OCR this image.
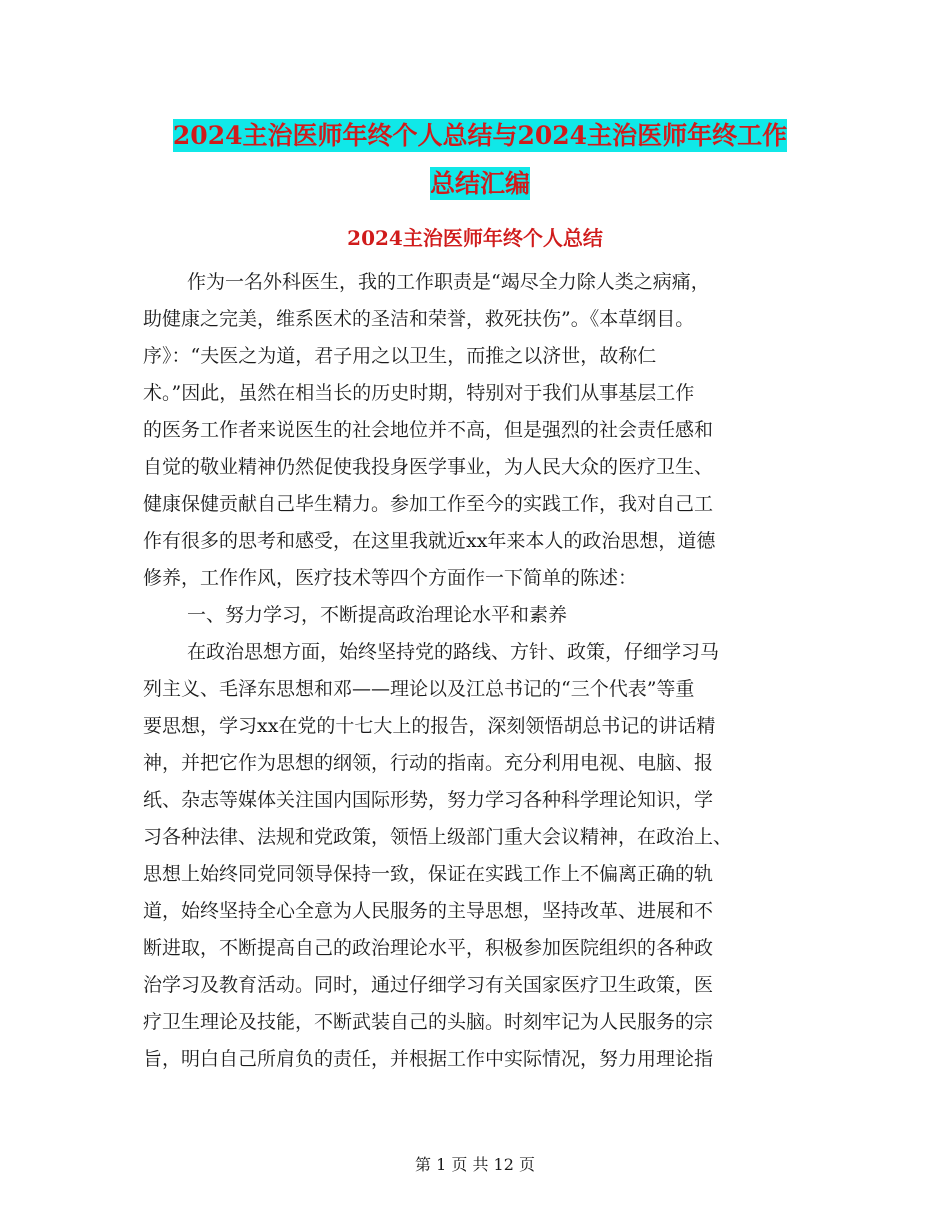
2024主治医师年终个人总结与2024主治医师年终工作
总结汇编
2024主治医师年终个人总结
作为一名外科医生，我的工作职责是“竭尽全力除人类之病痛，
助健康之完美，维系医术的圣洁和荣誉，救死扶伤”。《本草纲目。
序》：“夫医之为道，君子用之以卫生，而推之以济世，故称仁
术。”因此，虽然在相当长的历史时期，特别对于我们从事基层工作
的医务工作者来说医生的社会地位并不高，但是强烈的社会责任感和
自觉的敬业精神仍然促使我投身医学事业，为人民大众的医疗卫生、
健康保健贡献自己毕生精力。参加工作至今的实践工作，我对自己工
作有很多的思考和感受，在这里我就近xx年来本人的政治思想，道德
修养，工作作风，医疗技术等四个方面作一下简单的陈述：
一、努力学习，不断提高政治理论水平和素养
在政治思想方面，始终坚持党的路线、方针、政策，仔细学习马
列主义、毛泽东思想和邓——理论以及江总书记的“三个代表”等重
要思想，学习xx在党的十七大上的报告，深刻领悟胡总书记的讲话精
神，并把它作为思想的纲领，行动的指南。充分利用电视、电脑、报
纸、杂志等媒体关注国内国际形势，努力学习各种科学理论知识，学
习各种法律、法规和党政策，领悟上级部门重大会议精神，在政治上、
思想上始终同党同领导保持一致，保证在实践工作上不偏离正确的轨
道，始终坚持全心全意为人民服务的主导思想，坚持改革、进展和不
断进取，不断提高自己的政治理论水平，积极参加医院组织的各种政
治学习及教育活动。同时，通过仔细学习有关国家医疗卫生政策，医
疗卫生理论及技能，不断武装自己的头脑。时刻牢记为人民服务的宗
旨，明白自己所肩负的责任，并根据工作中实际情况，努力用理论指
第 1 页 共 12 页
